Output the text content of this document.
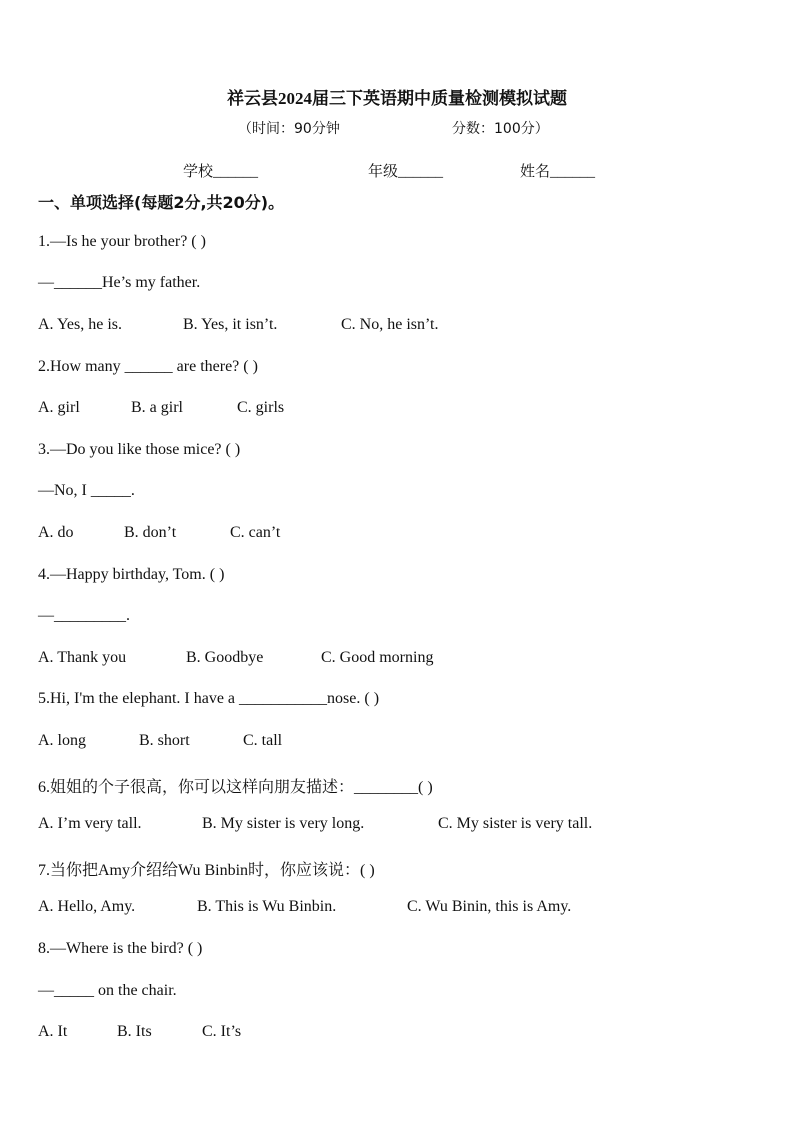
祥云县2024届三下英语期中质量检测模拟试题
（时间：90分钟	分数：100分）
学校______	年级______	姓名______
一、单项选择(每题2分,共20分)。
1.—Is he your brother? ( )
—______He’s my father.
A. Yes, he is.	B. Yes, it isn’t.	C. No, he isn’t.
2.How many ______ are there? ( )
A. girl	B. a girl	C. girls
3.—Do you like those mice? ( )
—No, I _____.
A. do	B. don’t	C. can’t
4.—Happy birthday, Tom. ( )
—_________.
A. Thank you	B. Goodbye	C. Good morning
5.Hi, I'm the elephant. I have a ___________nose. ( )
A. long	B. short	C. tall
6.姐姐的个子很高，你可以这样向朋友描述：________( )
A. I’m very tall.	B. My sister is very long.	C. My sister is very tall.
7.当你把Amy介绍给Wu Binbin时，你应该说：( )
A. Hello, Amy.	B. This is Wu Binbin.	C. Wu Binin, this is Amy.
8.—Where is the bird? ( )
—_____ on the chair.
A. It	B. Its	C. It’s
